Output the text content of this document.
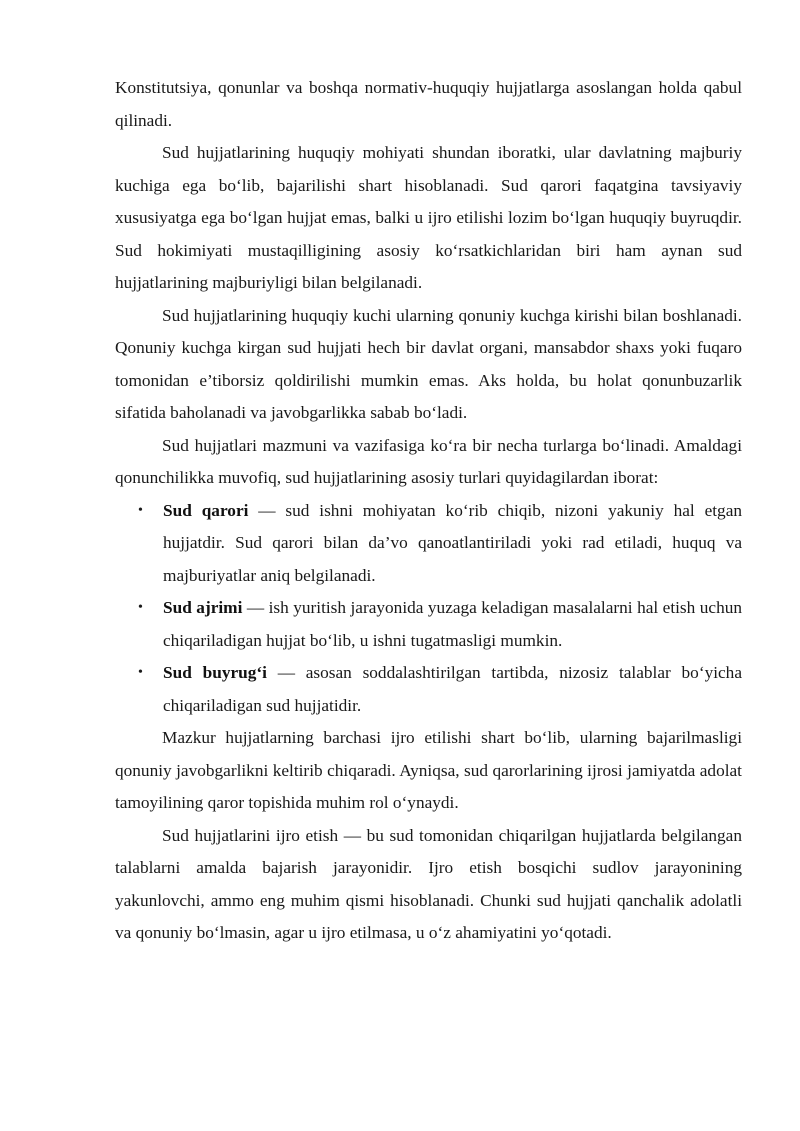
Konstitutsiya, qonunlar va boshqa normativ-huquqiy hujjatlarga asoslangan holda qabul qilinadi.

Sud hujjatlarining huquqiy mohiyati shundan iboratki, ular davlatning majburiy kuchiga ega bo‘lib, bajarilishi shart hisoblanadi. Sud qarori faqatgina tavsiyaviy xususiyatga ega bo‘lgan hujjat emas, balki u ijro etilishi lozim bo‘lgan huquqiy buyruqdir. Sud hokimiyati mustaqilligining asosiy ko‘rsatkichlaridan biri ham aynan sud hujjatlarining majburiyligi bilan belgilanadi.

Sud hujjatlarining huquqiy kuchi ularning qonuniy kuchga kirishi bilan boshlanadi. Qonuniy kuchga kirgan sud hujjati hech bir davlat organi, mansabdor shaxs yoki fuqaro tomonidan e’tiborsiz qoldirilishi mumkin emas. Aks holda, bu holat qonunbuzarlik sifatida baholanadi va javobgarlikka sabab bo‘ladi.

Sud hujjatlari mazmuni va vazifasiga ko‘ra bir necha turlarga bo‘linadi. Amaldagi qonunchilikka muvofiq, sud hujjatlarining asosiy turlari quyidagilardan iborat:

• Sud qarori — sud ishni mohiyatan ko‘rib chiqib, nizoni yakuniy hal etgan hujjatdir. Sud qarori bilan da’vo qanoatlantiriladi yoki rad etiladi, huquq va majburiyatlar aniq belgilanadi.
• Sud ajrimi — ish yuritish jarayonida yuzaga keladigan masalalarni hal etish uchun chiqariladigan hujjat bo‘lib, u ishni tugatmasligi mumkin.
• Sud buyrug‘i — asosan soddalashtirilgan tartibda, nizosiz talablar bo‘yicha chiqariladigan sud hujjatidir.

Mazkur hujjatlarning barchasi ijro etilishi shart bo‘lib, ularning bajarilmasligi qonuniy javobgarlikni keltirib chiqaradi. Ayniqsa, sud qarorlarining ijrosi jamiyatda adolat tamoyilining qaror topishida muhim rol o‘ynaydi.

Sud hujjatlarini ijro etish — bu sud tomonidan chiqarilgan hujjatlarda belgilangan talablarni amalda bajarish jarayonidir. Ijro etish bosqichi sudlov jarayonining yakunlovchi, ammo eng muhim qismi hisoblanadi. Chunki sud hujjati qanchalik adolatli va qonuniy bo‘lmasin, agar u ijro etilmasa, u o‘z ahamiyatini yo‘qotadi.
